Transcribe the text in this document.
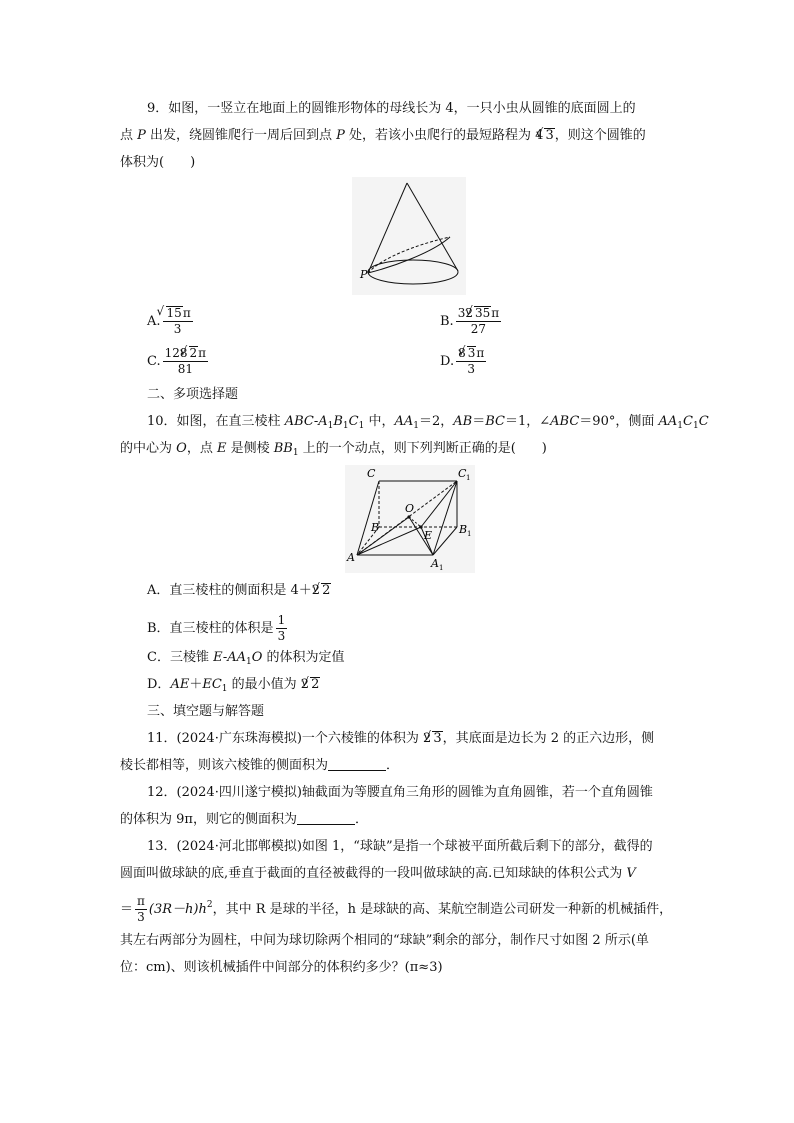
9．如图，一竖立在地面上的圆锥形物体的母线长为 4，一只小虫从圆锥的底面圆上的
点 P 出发，绕圆锥爬行一周后回到点 P 处，若该小虫爬行的最短路程为 4 √ 3，则这个圆锥的
体积为(　　)
P
A. √ $\frac{15\pi}{3}$	B. $\frac{32 √ 35\pi}{27}$
C. $\frac{128 √ 2\pi}{81}$	D. $\frac{8 √ 3\pi}{3}$
二、多项选择题
10．如图，在直三棱柱 ABC-$A_1B_1C_1$ 中，$AA_1=2$，AB＝BC＝1，∠ABC＝90°，侧面 $AA_1C_1C$
的中心为 O，点 E 是侧棱 $BB_1$ 上的一个动点，则下列判断正确的是(　　)
C	C 1
B	B 1
O
E
A	A 1
A．直三棱柱的侧面积是 4＋2 √ 2
B．直三棱柱的体积是 $\frac{1}{3}$
C．三棱锥 $E-AA_1O$ 的体积为定值
D．$AE+EC_1$ 的最小值为 2 √ 2
三、填空题与解答题
11．(2024·广东珠海模拟)一个六棱锥的体积为 2 √ 3，其底面是边长为 2 的正六边形，侧
棱长都相等，则该六棱锥的侧面积为	．
12．(2024·四川遂宁模拟)轴截面为等腰直角三角形的圆锥为直角圆锥，若一个直角圆锥
的体积为 9π，则它的侧面积为	．
13．(2024·河北邯郸模拟)如图 1，“球缺”是指一个球被平面所截后剩下的部分，截得的
圆面叫做球缺的底,垂直于截面的直径被截得的一段叫做球缺的高.已知球缺的体积公式为 V
＝ $\frac{\pi}{3} (3R-h)h^2$，其中 R 是球的半径，h 是球缺的高、某航空制造公司研发一种新的机械插件，
其左右两部分为圆柱，中间为球切除两个相同的“球缺”剩余的部分，制作尺寸如图 2 所示(单
位：cm)、则该机械插件中间部分的体积约多少？(π≈3)
